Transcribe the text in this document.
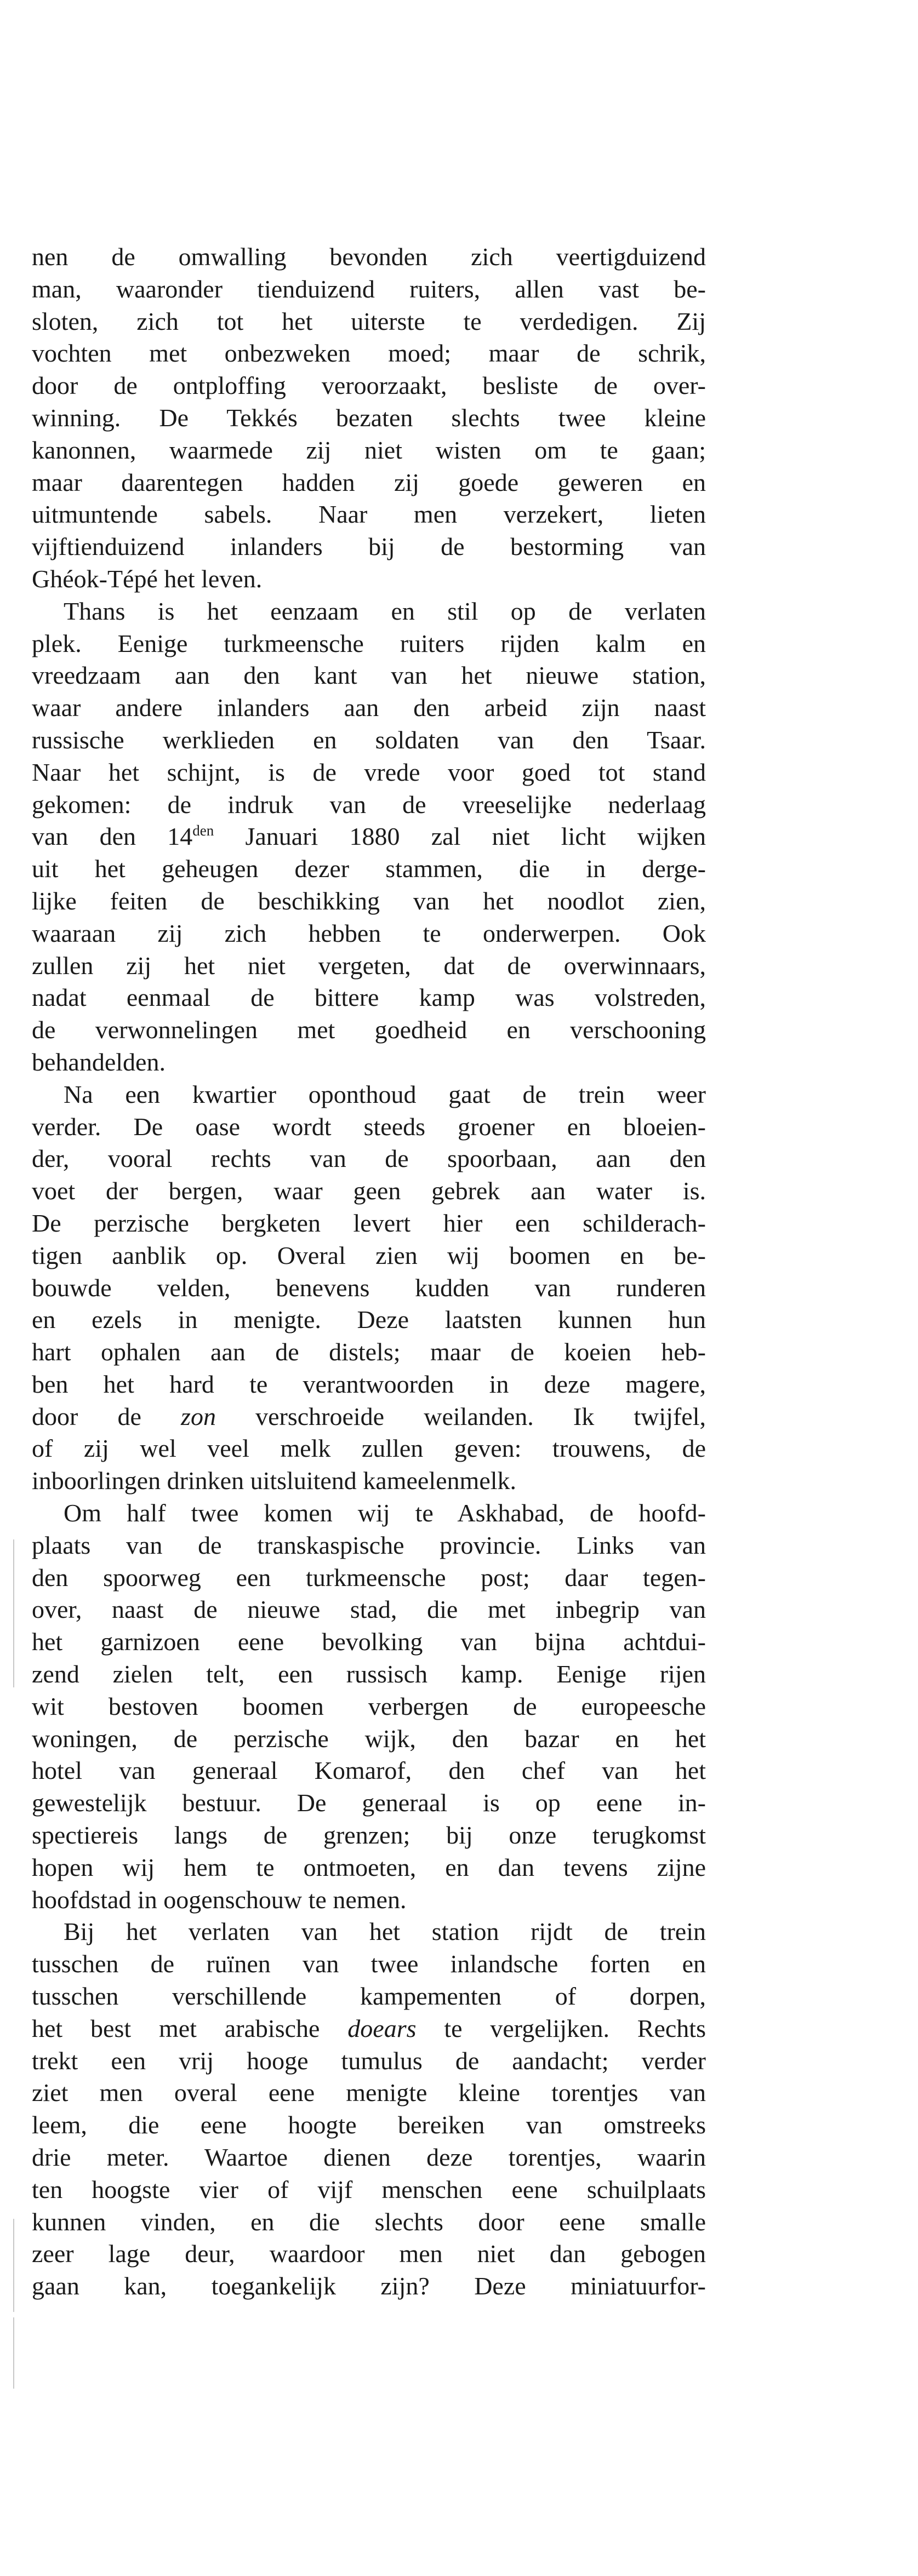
nen de omwalling bevonden zich veertigduizend
man, waaronder tienduizend ruiters, allen vast be-
sloten, zich tot het uiterste te verdedigen. Zij
vochten met onbezweken moed; maar de schrik,
door de ontploffing veroorzaakt, besliste de over-
winning. De Tekkés bezaten slechts twee kleine
kanonnen, waarmede zij niet wisten om te gaan;
maar daarentegen hadden zij goede geweren en
uitmuntende sabels. Naar men verzekert, lieten
vijftienduizend inlanders bij de bestorming van
Ghéok-Tépé het leven.
Thans is het eenzaam en stil op de verlaten
plek. Eenige turkmeensche ruiters rijden kalm en
vreedzaam aan den kant van het nieuwe station,
waar andere inlanders aan den arbeid zijn naast
russische werklieden en soldaten van den Tsaar.
Naar het schijnt, is de vrede voor goed tot stand
gekomen: de indruk van de vreeselijke nederlaag
van den $14^{den}$ Januari 1880 zal niet licht wijken
uit het geheugen dezer stammen, die in derge-
lijke feiten de beschikking van het noodlot zien,
waaraan zij zich hebben te onderwerpen. Ook
zullen zij het niet vergeten, dat de overwinnaars,
nadat eenmaal de bittere kamp was volstreden,
de verwonnelingen met goedheid en verschooning
behandelden.
Na een kwartier oponthoud gaat de trein weer
verder. De oase wordt steeds groener en bloeien-
der, vooral rechts van de spoorbaan, aan den
voet der bergen, waar geen gebrek aan water is.
De perzische bergketen levert hier een schilderach-
tigen aanblik op. Overal zien wij boomen en be-
bouwde velden, benevens kudden van runderen
en ezels in menigte. Deze laatsten kunnen hun
hart ophalen aan de distels; maar de koeien heb-
ben het hard te verantwoorden in deze magere,
door de zon verschroeide weilanden. Ik twijfel,
of zij wel veel melk zullen geven: trouwens, de
inboorlingen drinken uitsluitend kameelenmelk.
Om half twee komen wij te Askhabad, de hoofd-
plaats van de transkaspische provincie. Links van
den spoorweg een turkmeensche post; daar tegen-
over, naast de nieuwe stad, die met inbegrip van
het garnizoen eene bevolking van bijna achtdui-
zend zielen telt, een russisch kamp. Eenige rijen
wit bestoven boomen verbergen de europeesche
woningen, de perzische wijk, den bazar en het
hotel van generaal Komarof, den chef van het
gewestelijk bestuur. De generaal is op eene in-
spectiereis langs de grenzen; bij onze terugkomst
hopen wij hem te ontmoeten, en dan tevens zijne
hoofdstad in oogenschouw te nemen.
Bij het verlaten van het station rijdt de trein
tusschen de ruïnen van twee inlandsche forten en
tusschen verschillende kampementen of dorpen,
het best met arabische doears te vergelijken. Rechts
trekt een vrij hooge tumulus de aandacht; verder
ziet men overal eene menigte kleine torentjes van
leem, die eene hoogte bereiken van omstreeks
drie meter. Waartoe dienen deze torentjes, waarin
ten hoogste vier of vijf menschen eene schuilplaats
kunnen vinden, en die slechts door eene smalle
zeer lage deur, waardoor men niet dan gebogen
gaan kan, toegankelijk zijn? Deze miniatuurfor-
